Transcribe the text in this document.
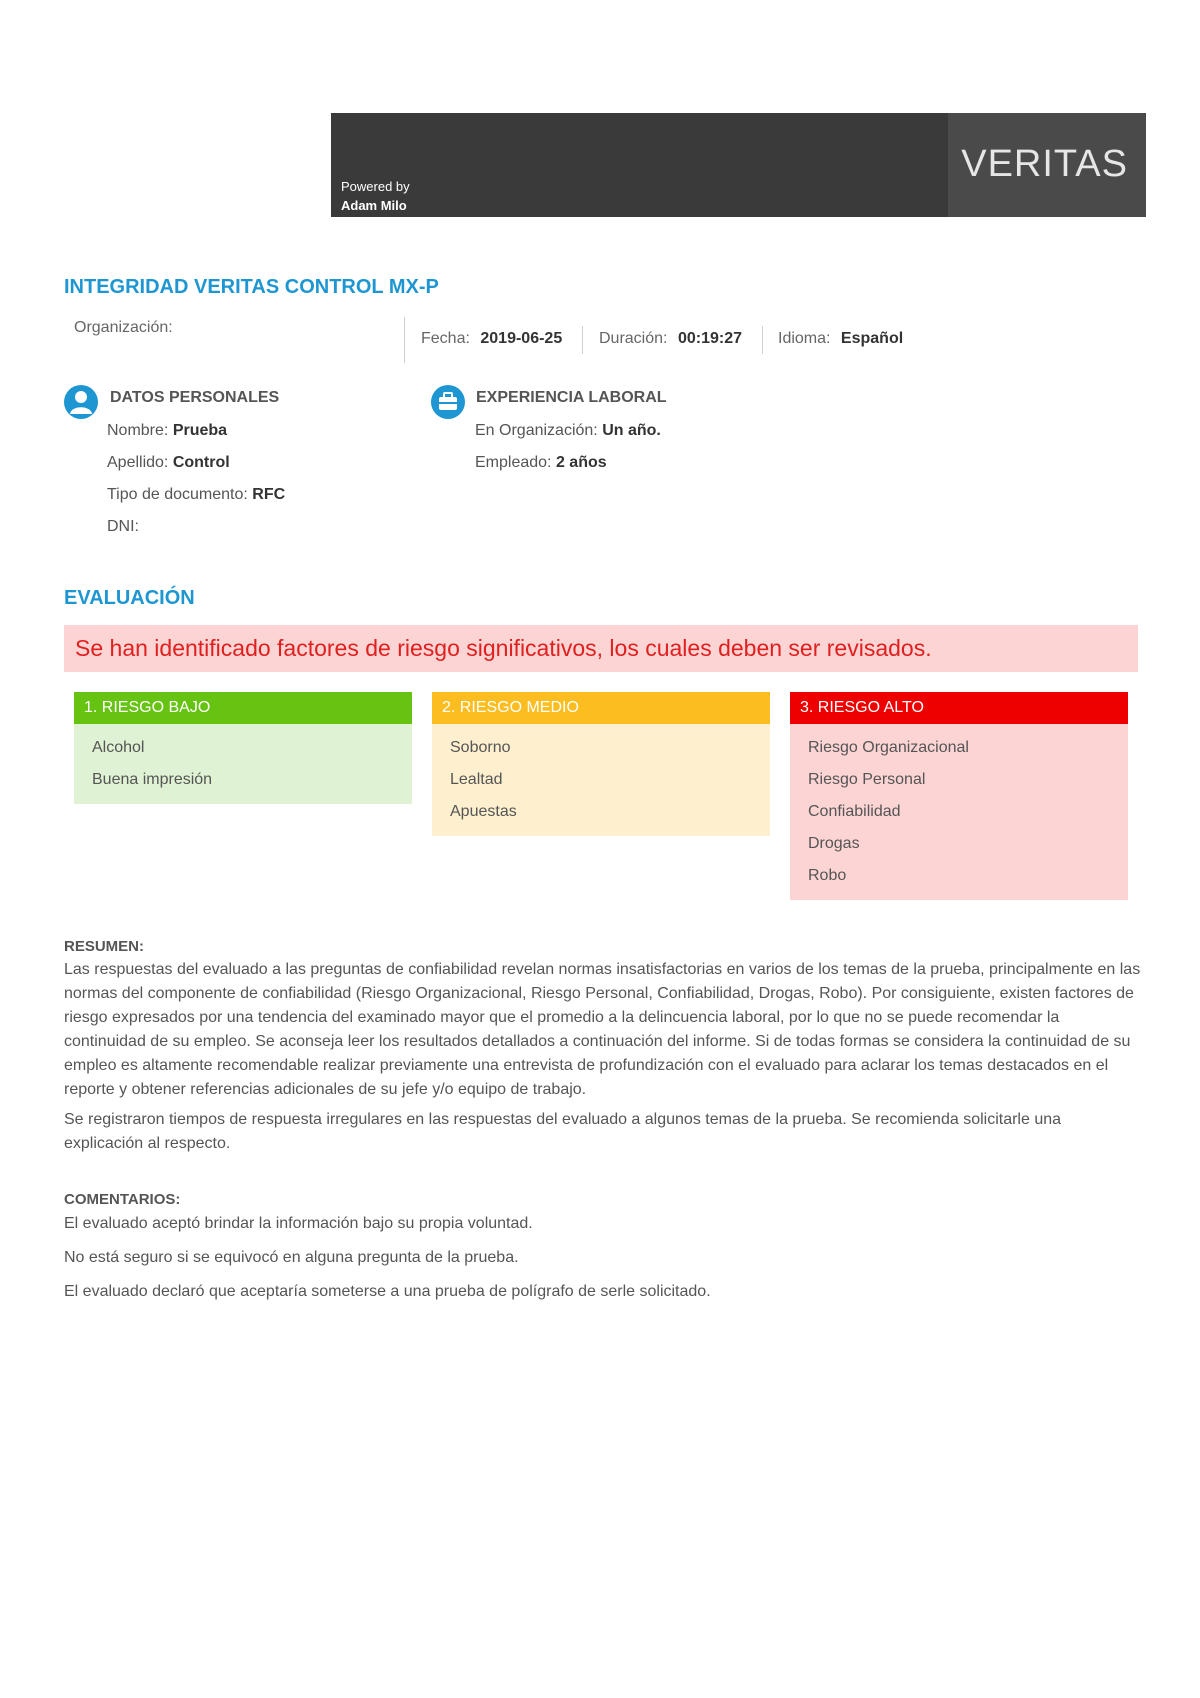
Powered by
Adam Milo
VERITAS
INTEGRIDAD VERITAS CONTROL MX-P
Organización:
Fecha: 2019-06-25 Duración: 00:19:27 Idioma: Español
DATOS PERSONALES
Nombre: Prueba
Apellido: Control
Tipo de documento: RFC
DNI:
EXPERIENCIA LABORAL
En Organización: Un año.
Empleado: 2 años
EVALUACIÓN
Se han identificado factores de riesgo significativos, los cuales deben ser revisados.
1. RIESGO BAJO
Alcohol
Buena impresión
2. RIESGO MEDIO
Soborno
Lealtad
Apuestas
3. RIESGO ALTO
Riesgo Organizacional
Riesgo Personal
Confiabilidad
Drogas
Robo
RESUMEN:
Las respuestas del evaluado a las preguntas de confiabilidad revelan normas insatisfactorias en varios de los temas de la prueba, principalmente en las normas del componente de confiabilidad (Riesgo Organizacional, Riesgo Personal, Confiabilidad, Drogas, Robo). Por consiguiente, existen factores de riesgo expresados por una tendencia del examinado mayor que el promedio a la delincuencia laboral, por lo que no se puede recomendar la continuidad de su empleo. Se aconseja leer los resultados detallados a continuación del informe. Si de todas formas se considera la continuidad de su empleo es altamente recomendable realizar previamente una entrevista de profundización con el evaluado para aclarar los temas destacados en el reporte y obtener referencias adicionales de su jefe y/o equipo de trabajo.
Se registraron tiempos de respuesta irregulares en las respuestas del evaluado a algunos temas de la prueba. Se recomienda solicitarle una explicación al respecto.
COMENTARIOS:
El evaluado aceptó brindar la información bajo su propia voluntad.
No está seguro si se equivocó en alguna pregunta de la prueba.
El evaluado declaró que aceptaría someterse a una prueba de polígrafo de serle solicitado.
